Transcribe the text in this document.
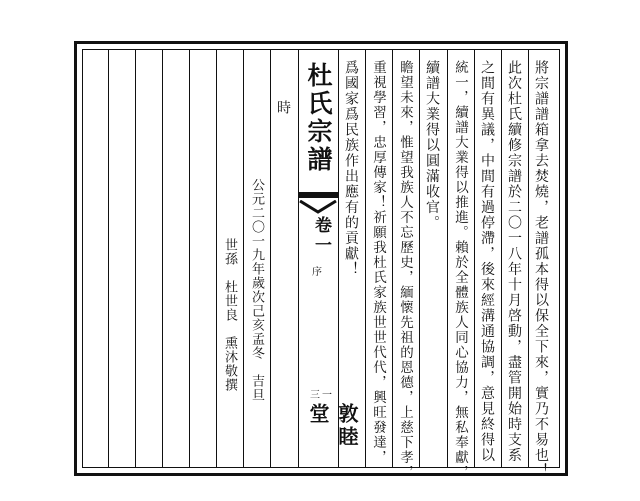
杜氏宗譜
卷一
序
三一
敦睦堂	將宗譜譜箱拿去焚燒，老譜孤本得以保全下來，實乃不易也！
此次杜氏續修宗譜於二〇一八年十月啓動，盡管開始時支系
之間有異議，中間有過停滯，後來經溝通協調，意見終得以
統一，續譜大業得以推進。賴於全體族人同心協力，無私奉獻，
續譜大業得以圓滿收官。
瞻望未來，惟望我族人不忘歷史，緬懷先祖的恩德，上慈下孝，
重視學習，忠厚傳家！祈願我杜氏家族世世代代，興旺發達，
爲國家爲民族作出應有的貢獻！
時
公元二〇一九年歲次己亥孟冬　吉旦
世孫　杜世良　熏沐敬撰
